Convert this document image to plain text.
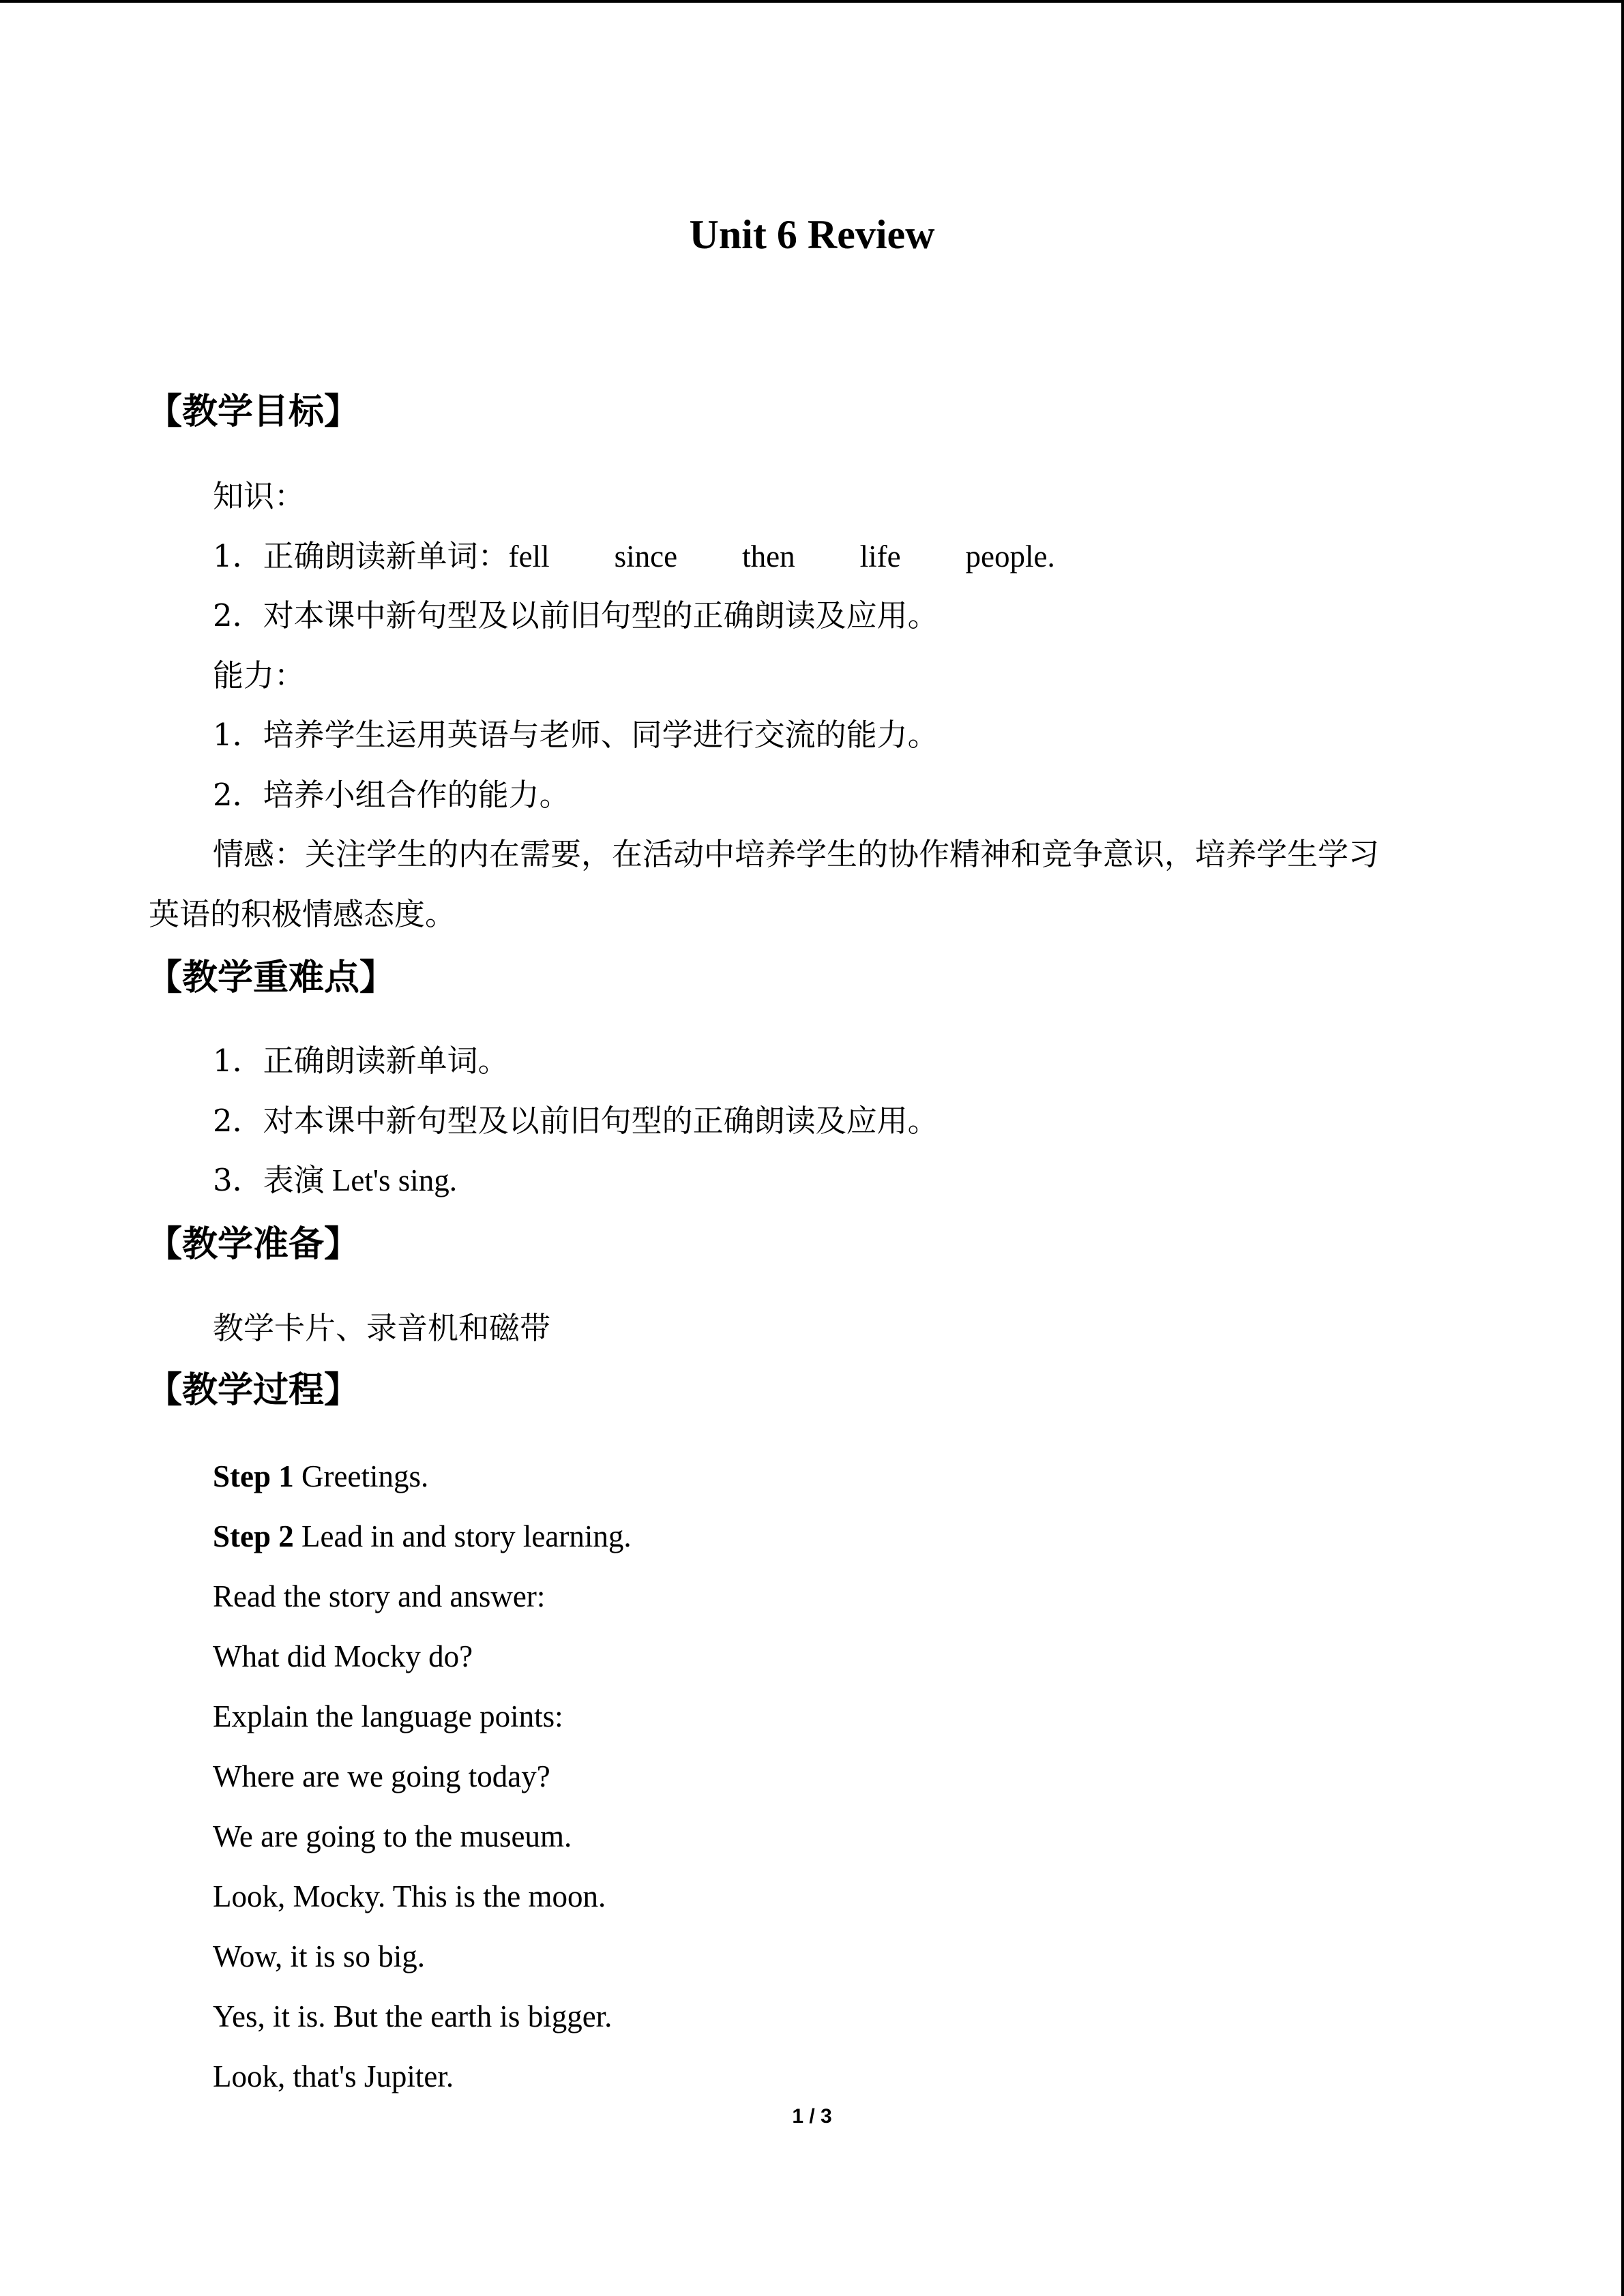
Unit 6 Review
【教学目标】
知识：
1．正确朗读新单词：fell since then life people.
2．对本课中新句型及以前旧句型的正确朗读及应用。
能力：
1．培养学生运用英语与老师、同学进行交流的能力。
2．培养小组合作的能力。
情感：关注学生的内在需要，在活动中培养学生的协作精神和竞争意识，培养学生学习
英语的积极情感态度。
【教学重难点】
1．正确朗读新单词。
2．对本课中新句型及以前旧句型的正确朗读及应用。
3．表演 Let's sing.
【教学准备】
教学卡片、录音机和磁带
【教学过程】
Step 1 Greetings.
Step 2 Lead in and story learning.
Read the story and answer:
What did Mocky do?
Explain the language points:
Where are we going today?
We are going to the museum.
Look, Mocky. This is the moon.
Wow, it is so big.
Yes, it is. But the earth is bigger.
Look, that's Jupiter.
1 / 3
